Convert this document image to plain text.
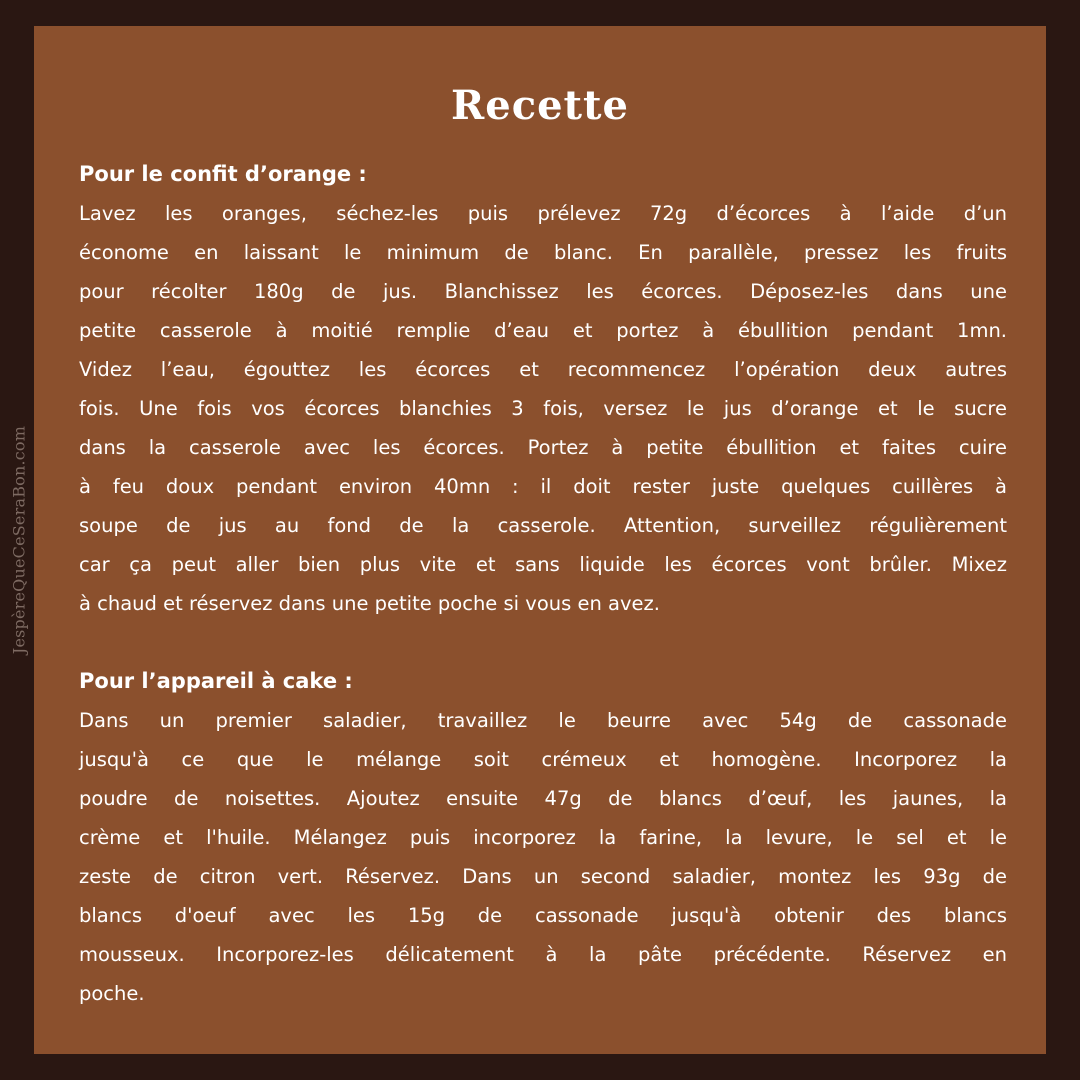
JespèreQueCeSeraBon.com
Recette

Pour le confit d’orange :

Lavez les oranges, séchez-les puis prélevez 72g d’écorces à l’aide d’un
économe en laissant le minimum de blanc. En parallèle, pressez les fruits
pour récolter 180g de jus. Blanchissez les écorces. Déposez-les dans une
petite casserole à moitié remplie d’eau et portez à ébullition pendant 1mn.
Videz l’eau, égouttez les écorces et recommencez l’opération deux autres
fois. Une fois vos écorces blanchies 3 fois, versez le jus d’orange et le sucre
dans la casserole avec les écorces. Portez à petite ébullition et faites cuire
à feu doux pendant environ 40mn : il doit rester juste quelques cuillères à
soupe de jus au fond de la casserole. Attention, surveillez régulièrement
car ça peut aller bien plus vite et sans liquide les écorces vont brûler. Mixez
à chaud et réservez dans une petite poche si vous en avez.

Pour l’appareil à cake :

Dans un premier saladier, travaillez le beurre avec 54g de cassonade
jusqu'à ce que le mélange soit crémeux et homogène. Incorporez la
poudre de noisettes. Ajoutez ensuite 47g de blancs d’œuf, les jaunes, la
crème et l'huile. Mélangez puis incorporez la farine, la levure, le sel et le
zeste de citron vert. Réservez. Dans un second saladier, montez les 93g de
blancs d'oeuf avec les 15g de cassonade jusqu'à obtenir des blancs
mousseux. Incorporez-les délicatement à la pâte précédente. Réservez en
poche.
